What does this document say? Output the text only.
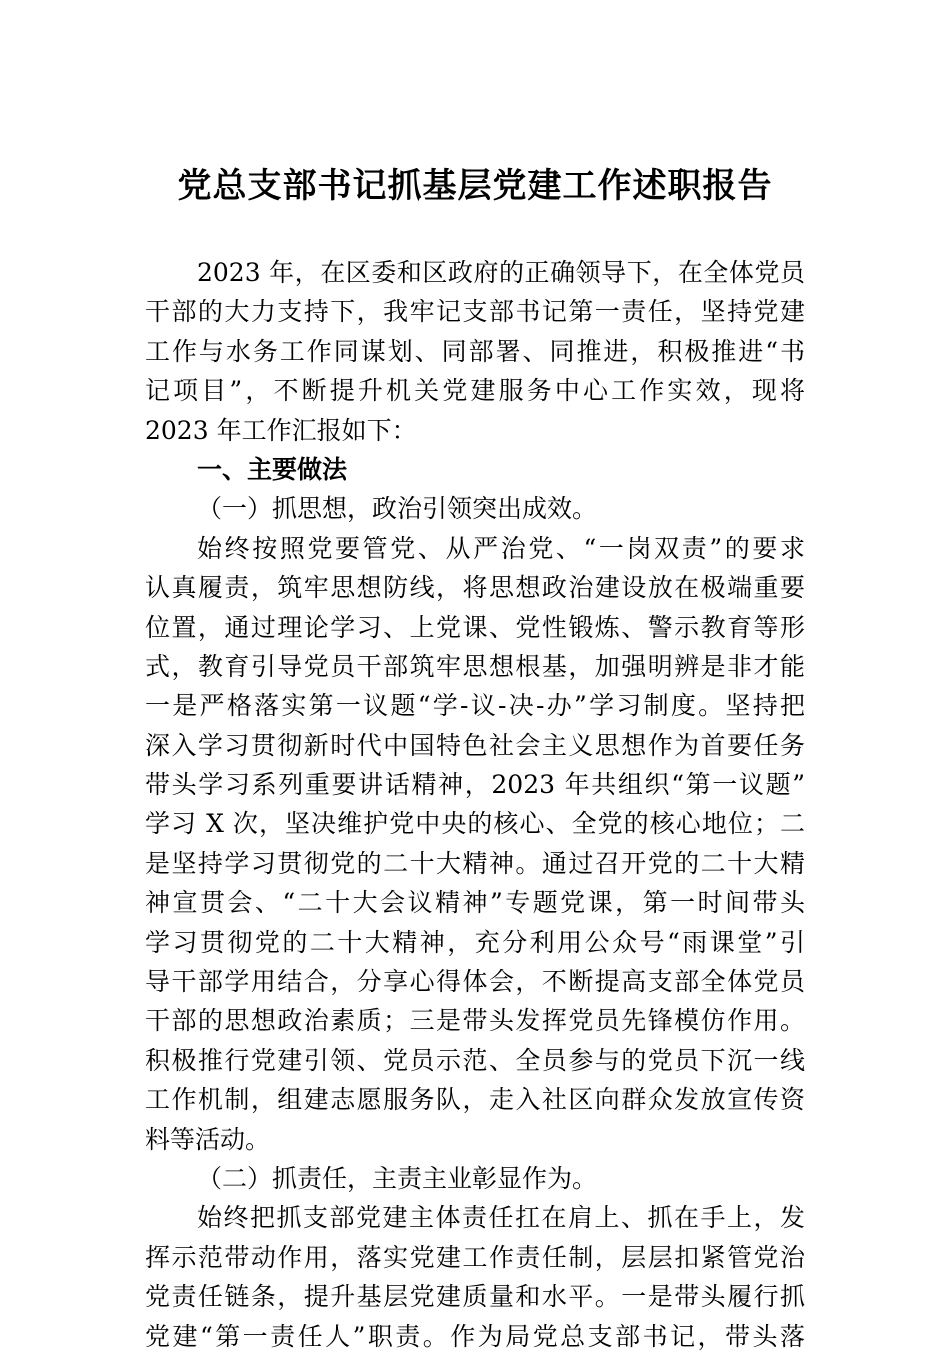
党总支部书记抓基层党建工作述职报告
2023 年，在区委和区政府的正确领导下，在全体党员
干部的大力支持下，我牢记支部书记第一责任，坚持党建
工作与水务工作同谋划、同部署、同推进，积极推进“书
记项目”，不断提升机关党建服务中心工作实效，现将
2023 年工作汇报如下：
一、主要做法
（一）抓思想，政治引领突出成效。
始终按照党要管党、从严治党、“一岗双责”的要求
认真履责，筑牢思想防线，将思想政治建设放在极端重要
位置，通过理论学习、上党课、党性锻炼、警示教育等形
式，教育引导党员干部筑牢思想根基，加强明辨是非才能
一是严格落实第一议题“学-议-决-办”学习制度。坚持把
深入学习贯彻新时代中国特色社会主义思想作为首要任务
带头学习系列重要讲话精神，2023 年共组织“第一议题”
学习 X 次，坚决维护党中央的核心、全党的核心地位；二
是坚持学习贯彻党的二十大精神。通过召开党的二十大精
神宣贯会、“二十大会议精神”专题党课，第一时间带头
学习贯彻党的二十大精神，充分利用公众号“雨课堂”引
导干部学用结合，分享心得体会，不断提高支部全体党员
干部的思想政治素质；三是带头发挥党员先锋模仿作用。
积极推行党建引领、党员示范、全员参与的党员下沉一线
工作机制，组建志愿服务队，走入社区向群众发放宣传资
料等活动。
（二）抓责任，主责主业彰显作为。
始终把抓支部党建主体责任扛在肩上、抓在手上，发
挥示范带动作用，落实党建工作责任制，层层扣紧管党治
党责任链条，提升基层党建质量和水平。一是带头履行抓
党建“第一责任人”职责。作为局党总支部书记，带头落
